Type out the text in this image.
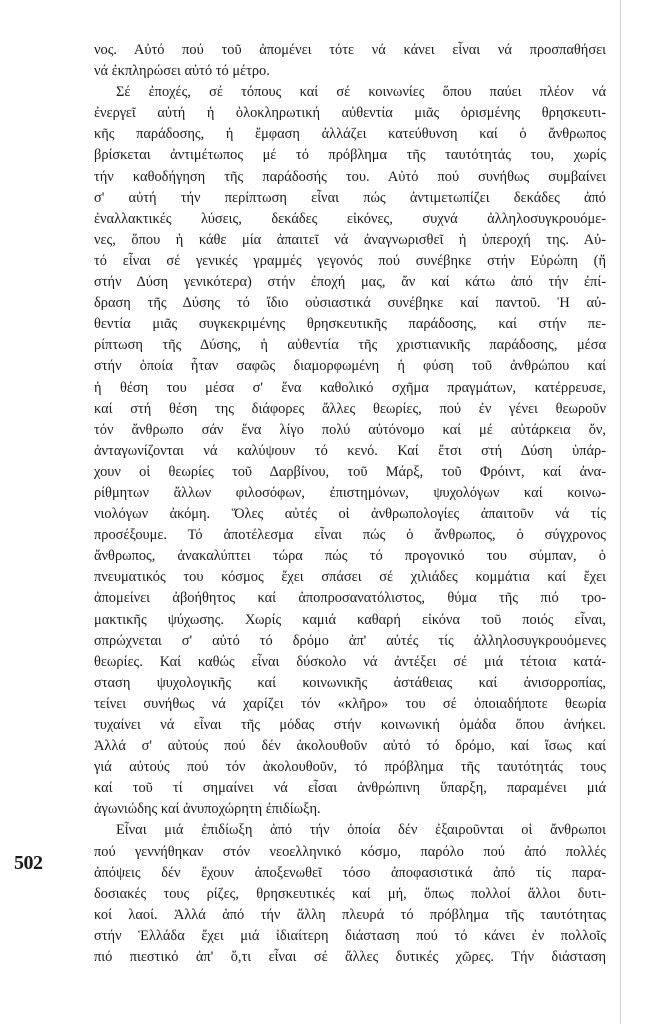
502
νος. Αὐτό πού τοῦ ἀπομένει τότε νά κάνει εἶναι νά προσπαθήσει
νά ἐκπληρώσει αὐτό τό μέτρο.
Σέ ἐποχές, σέ τόπους καί σέ κοινωνίες ὅπου παύει πλέον νά
ἐνεργεῖ αὐτή ἡ ὁλοκληρωτική αὐθεντία μιᾶς ὁρισμένης θρησκευτι-
κῆς παράδοσης, ἡ ἔμφαση ἀλλάζει κατεύθυνση καί ὁ ἄνθρωπος
βρίσκεται ἀντιμέτωπος μέ τό πρόβλημα τῆς ταυτότητάς του, χωρίς
τήν καθοδήγηση τῆς παράδοσής του. Αὐτό πού συνήθως συμβαίνει
σ' αὐτή τήν περίπτωση εἶναι πώς ἀντιμετωπίζει δεκάδες ἀπό
ἐναλλακτικές λύσεις, δεκάδες εἰκόνες, συχνά ἀλληλοσυγκρουόμε-
νες, ὅπου ἡ κάθε μία ἀπαιτεῖ νά ἀναγνωρισθεῖ ἡ ὑπεροχή της. Αὐ-
τό εἶναι σέ γενικές γραμμές γεγονός πού συνέβηκε στήν Εὐρώπη (ἤ
στήν Δύση γενικότερα) στήν ἐποχή μας, ἄν καί κάτω ἀπό τήν ἐπί-
δραση τῆς Δύσης τό ἴδιο οὐσιαστικά συνέβηκε καί παντοῦ. Ἡ αὐ-
θεντία μιᾶς συγκεκριμένης θρησκευτικῆς παράδοσης, καί στήν πε-
ρίπτωση τῆς Δύσης, ἡ αὐθεντία τῆς χριστιανικῆς παράδοσης, μέσα
στήν ὁποία ἦταν σαφῶς διαμορφωμένη ἡ φύση τοῦ ἀνθρώπου καί
ἡ θέση του μέσα σ' ἕνα καθολικό σχῆμα πραγμάτων, κατέρρευσε,
καί στή θέση της διάφορες ἄλλες θεωρίες, πού ἐν γένει θεωροῦν
τόν ἄνθρωπο σάν ἕνα λίγο πολύ αὐτόνομο καί μέ αὐτάρκεια ὄν,
ἀνταγωνίζονται νά καλύψουν τό κενό. Καί ἔτσι στή Δύση ὑπάρ-
χουν οἱ θεωρίες τοῦ Δαρβίνου, τοῦ Μάρξ, τοῦ Φρόιντ, καί ἀνα-
ρίθμητων ἄλλων φιλοσόφων, ἐπιστημόνων, ψυχολόγων καί κοινω-
νιολόγων ἀκόμη. Ὅλες αὐτές οἱ ἀνθρωπολογίες ἀπαιτοῦν νά τίς
προσέξουμε. Τό ἀποτέλεσμα εἶναι πώς ὁ ἄνθρωπος, ὁ σύγχρονος
ἄνθρωπος, ἀνακαλύπτει τώρα πώς τό προγονικό του σύμπαν, ὁ
πνευματικός του κόσμος ἔχει σπάσει σέ χιλιάδες κομμάτια καί ἔχει
ἀπομείνει ἀβοήθητος καί ἀποπροσανατόλιστος, θύμα τῆς πιό τρο-
μακτικῆς ψύχωσης. Χωρίς καμιά καθαρή εἰκόνα τοῦ ποιός εἶναι,
σπρώχνεται σ' αὐτό τό δρόμο ἀπ' αὐτές τίς ἀλληλοσυγκρουόμενες
θεωρίες. Καί καθώς εἶναι δύσκολο νά ἀντέξει σέ μιά τέτοια κατά-
σταση ψυχολογικῆς καί κοινωνικῆς ἀστάθειας καί ἀνισορροπίας,
τείνει συνήθως νά χαρίζει τόν «κλῆρο» του σέ ὁποιαδήποτε θεωρία
τυχαίνει νά εἶναι τῆς μόδας στήν κοινωνική ὁμάδα ὅπου ἀνήκει.
Ἀλλά σ' αὐτούς πού δέν ἀκολουθοῦν αὐτό τό δρόμο, καί ἴσως καί
γιά αὐτούς πού τόν ἀκολουθοῦν, τό πρόβλημα τῆς ταυτότητάς τους
καί τοῦ τί σημαίνει νά εἶσαι ἀνθρώπινη ὕπαρξη, παραμένει μιά
ἀγωνιώδης καί ἀνυποχώρητη ἐπιδίωξη.
Εἶναι μιά ἐπιδίωξη ἀπό τήν ὁποία δέν ἐξαιροῦνται οἱ ἄνθρωποι
πού γεννήθηκαν στόν νεοελληνικό κόσμο, παρόλο πού ἀπό πολλές
ἀπόψεις δέν ἔχουν ἀποξενωθεῖ τόσο ἀποφασιστικά ἀπό τίς παρα-
δοσιακές τους ρίζες, θρησκευτικές καί μή, ὅπως πολλοί ἄλλοι δυτι-
κοί λαοί. Ἀλλά ἀπό τήν ἄλλη πλευρά τό πρόβλημα τῆς ταυτότητας
στήν Ἑλλάδα ἔχει μιά ἰδιαίτερη διάσταση πού τό κάνει ἐν πολλοῖς
πιό πιεστικό ἀπ' ὅ,τι εἶναι σέ ἄλλες δυτικές χῶρες. Τήν διάσταση
